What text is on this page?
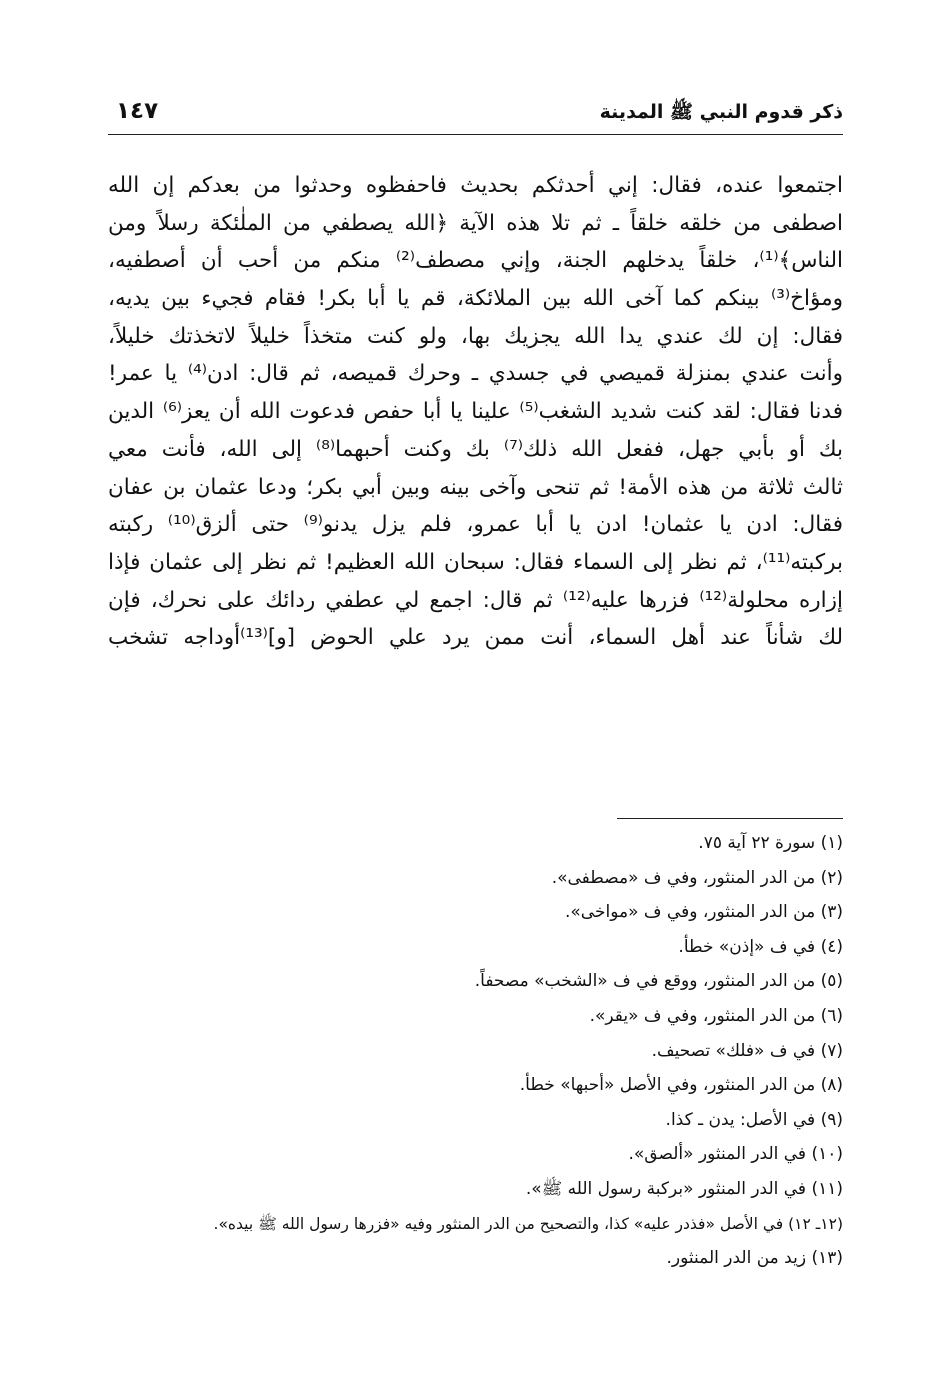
ذكر قدوم النبي ﷺ المدينة
١٤٧
اجتمعوا عنده، فقال: إني أحدثكم بحديث فاحفظوه وحدثوا من بعدكم إن الله
اصطفى من خلقه خلقاً ـ ثم تلا هذه الآية ﴿الله يصطفي من الملٰئكة رسلاً ومن
الناس﴾⁽¹⁾، خلقاً يدخلهم الجنة، وإني مصطف⁽²⁾ منكم من أحب أن أصطفيه،
ومؤاخ⁽³⁾ بينكم كما آخى الله بين الملائكة، قم يا أبا بكر! فقام فجيء بين يديه،
فقال: إن لك عندي يدا الله يجزيك بها، ولو كنت متخذاً خليلاً لاتخذتك خليلاً،
وأنت عندي بمنزلة قميصي في جسدي ـ وحرك قميصه، ثم قال: ادن⁽⁴⁾ يا عمر!
فدنا فقال: لقد كنت شديد الشغب⁽⁵⁾ علينا يا أبا حفص فدعوت الله أن يعز⁽⁶⁾ الدين
بك أو بأبي جهل، ففعل الله ذلك⁽⁷⁾ بك وكنت أحبهما⁽⁸⁾ إلى الله، فأنت معي
ثالث ثلاثة من هذه الأمة! ثم تنحى وآخى بينه وبين أبي بكر؛ ودعا عثمان بن عفان
فقال: ادن يا عثمان! ادن يا أبا عمرو، فلم يزل يدنو⁽⁹⁾ حتى ألزق⁽¹⁰⁾ ركبته
بركبته⁽¹¹⁾، ثم نظر إلى السماء فقال: سبحان الله العظيم! ثم نظر إلى عثمان فإذا
إزاره محلولة⁽¹²⁾ فزرها عليه⁽¹²⁾ ثم قال: اجمع لي عطفي ردائك على نحرك، فإن
لك شأناً عند أهل السماء، أنت ممن يرد علي الحوض [و]⁽¹³⁾أوداجه تشخب
(١) سورة ٢٢ آية ٧٥.
(٢) من الدر المنثور، وفي ف «مصطفى».
(٣) من الدر المنثور، وفي ف «مواخى».
(٤) في ف «إذن» خطأ.
(٥) من الدر المنثور، ووقع في ف «الشخب» مصحفاً.
(٦) من الدر المنثور، وفي ف «يقر».
(٧) في ف «فلك» تصحيف.
(٨) من الدر المنثور، وفي الأصل «أحبها» خطأ.
(٩) في الأصل: يدن ـ كذا.
(١٠) في الدر المنثور «ألصق».
(١١) في الدر المنثور «بركبة رسول الله ﷺ».
(١٢ـ ١٢) في الأصل «فذدر عليه» كذا، والتصحيح من الدر المنثور وفيه «فزرها رسول الله ﷺ بيده».
(١٣) زيد من الدر المنثور.
